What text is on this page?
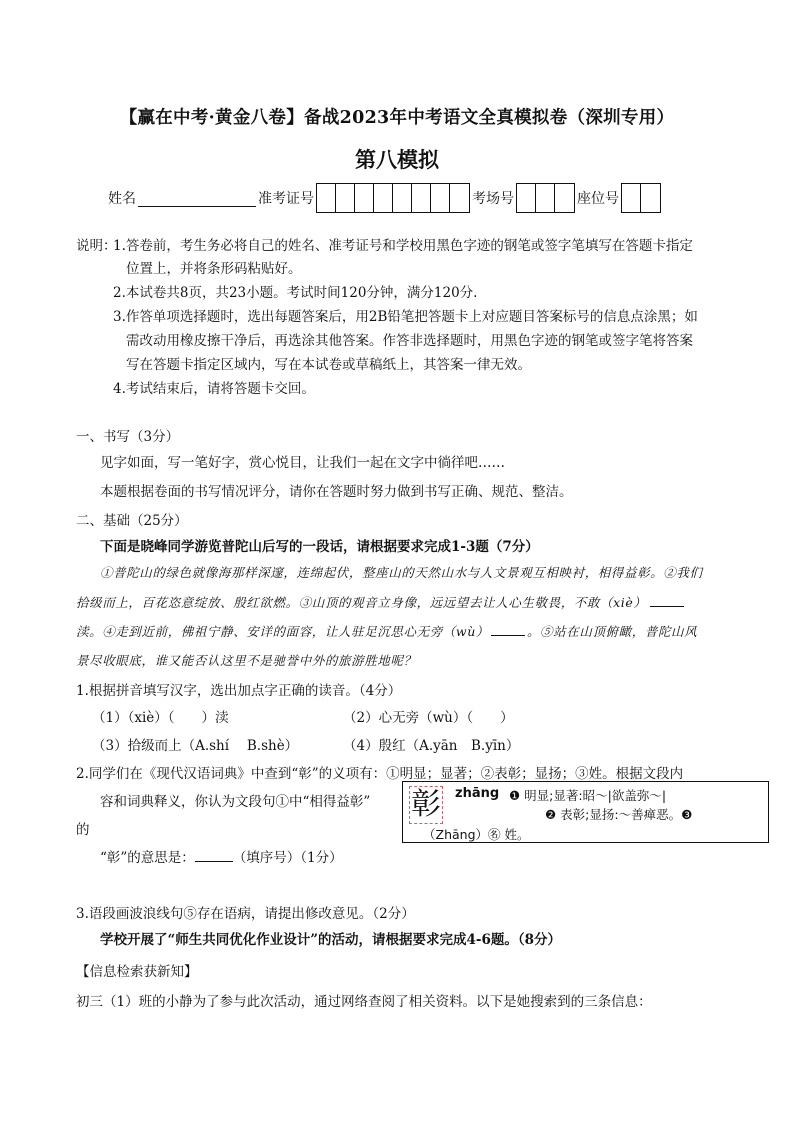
【赢在中考·黄金八卷】备战2023年中考语文全真模拟卷（深圳专用）
第八模拟
姓名	准考证号	考场号	座位号
说明：
1.答卷前，考生务必将自己的姓名、准考证号和学校用黑色字迹的钢笔或签字笔填写在答题卡指定
位置上，并将条形码粘贴好。
2.本试卷共8页，共23小题。考试时间120分钟，满分120分.
3.作答单项选择题时，选出每题答案后，用2B铅笔把答题卡上对应题目答案标号的信息点涂黑；如
需改动用橡皮擦干净后，再选涂其他答案。作答非选择题时，用黑色字迹的钢笔或签字笔将答案
写在答题卡指定区域内，写在本试卷或草稿纸上，其答案一律无效。
4.考试结束后，请将答题卡交回。
一、书写（3分）
见字如面，写一笔好字，赏心悦目，让我们一起在文字中徜徉吧……
本题根据卷面的书写情况评分，请你在答题时努力做到书写正确、规范、整洁。
二、基础（25分）
下面是晓峰同学游览普陀山后写的一段话，请根据要求完成1-3题（7分）
①普陀山的绿色就像海那样深邃，连绵起伏，整座山的天然山水与人文景观互相映衬，相得益彰。②我们
拾级而上，百花恣意绽放、殷红欲燃。③山顶的观音立身像，远远望去让人心生敬畏，不敢（xiè）
渎。④走到近前，佛祖宁静、安详的面容，让人驻足沉思心无旁（wù）	。⑤站在山顶俯瞰，普陀山风
景尽收眼底，谁又能否认这里不是驰誉中外的旅游胜地呢？
1.根据拼音填写汉字，选出加点字正确的读音。（4分）
（1）（xiè）（　　）渎	（2）心无旁（wù）（　　）
（3）拾级而上（A.shí　 B.shè）	（4）殷红（A.yān　B.yīn）
2.同学们在《现代汉语词典》中查到“彰”的义项有：①明显；显著；②表彰；显扬；③姓。根据文段内
容和词典释义，你认为文段句①中“相得益彰”
的
“彰”的意思是：	（填序号）（1分）
彰 zhāng ❶ 明显;显著:昭～|欲盖弥～|
❷ 表彰;显扬:～善瘅恶。❸
（Zhāng）㊔ 姓。
3.语段画波浪线句⑤存在语病，请提出修改意见。（2分）
学校开展了“师生共同优化作业设计”的活动，请根据要求完成4-6题。（8分）
【信息检索获新知】
初三（1）班的小静为了参与此次活动，通过网络查阅了相关资料。以下是她搜索到的三条信息：
